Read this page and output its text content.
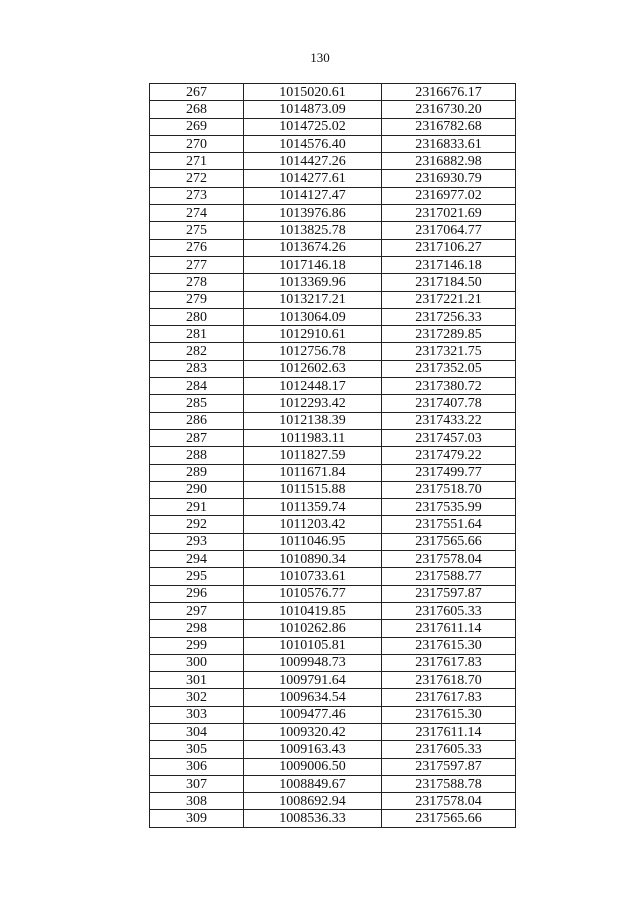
130
267	1015020.61	2316676.17
268	1014873.09	2316730.20
269	1014725.02	2316782.68
270	1014576.40	2316833.61
271	1014427.26	2316882.98
272	1014277.61	2316930.79
273	1014127.47	2316977.02
274	1013976.86	2317021.69
275	1013825.78	2317064.77
276	1013674.26	2317106.27
277	1017146.18	2317146.18
278	1013369.96	2317184.50
279	1013217.21	2317221.21
280	1013064.09	2317256.33
281	1012910.61	2317289.85
282	1012756.78	2317321.75
283	1012602.63	2317352.05
284	1012448.17	2317380.72
285	1012293.42	2317407.78
286	1012138.39	2317433.22
287	1011983.11	2317457.03
288	1011827.59	2317479.22
289	1011671.84	2317499.77
290	1011515.88	2317518.70
291	1011359.74	2317535.99
292	1011203.42	2317551.64
293	1011046.95	2317565.66
294	1010890.34	2317578.04
295	1010733.61	2317588.77
296	1010576.77	2317597.87
297	1010419.85	2317605.33
298	1010262.86	2317611.14
299	1010105.81	2317615.30
300	1009948.73	2317617.83
301	1009791.64	2317618.70
302	1009634.54	2317617.83
303	1009477.46	2317615.30
304	1009320.42	2317611.14
305	1009163.43	2317605.33
306	1009006.50	2317597.87
307	1008849.67	2317588.78
308	1008692.94	2317578.04
309	1008536.33	2317565.66
